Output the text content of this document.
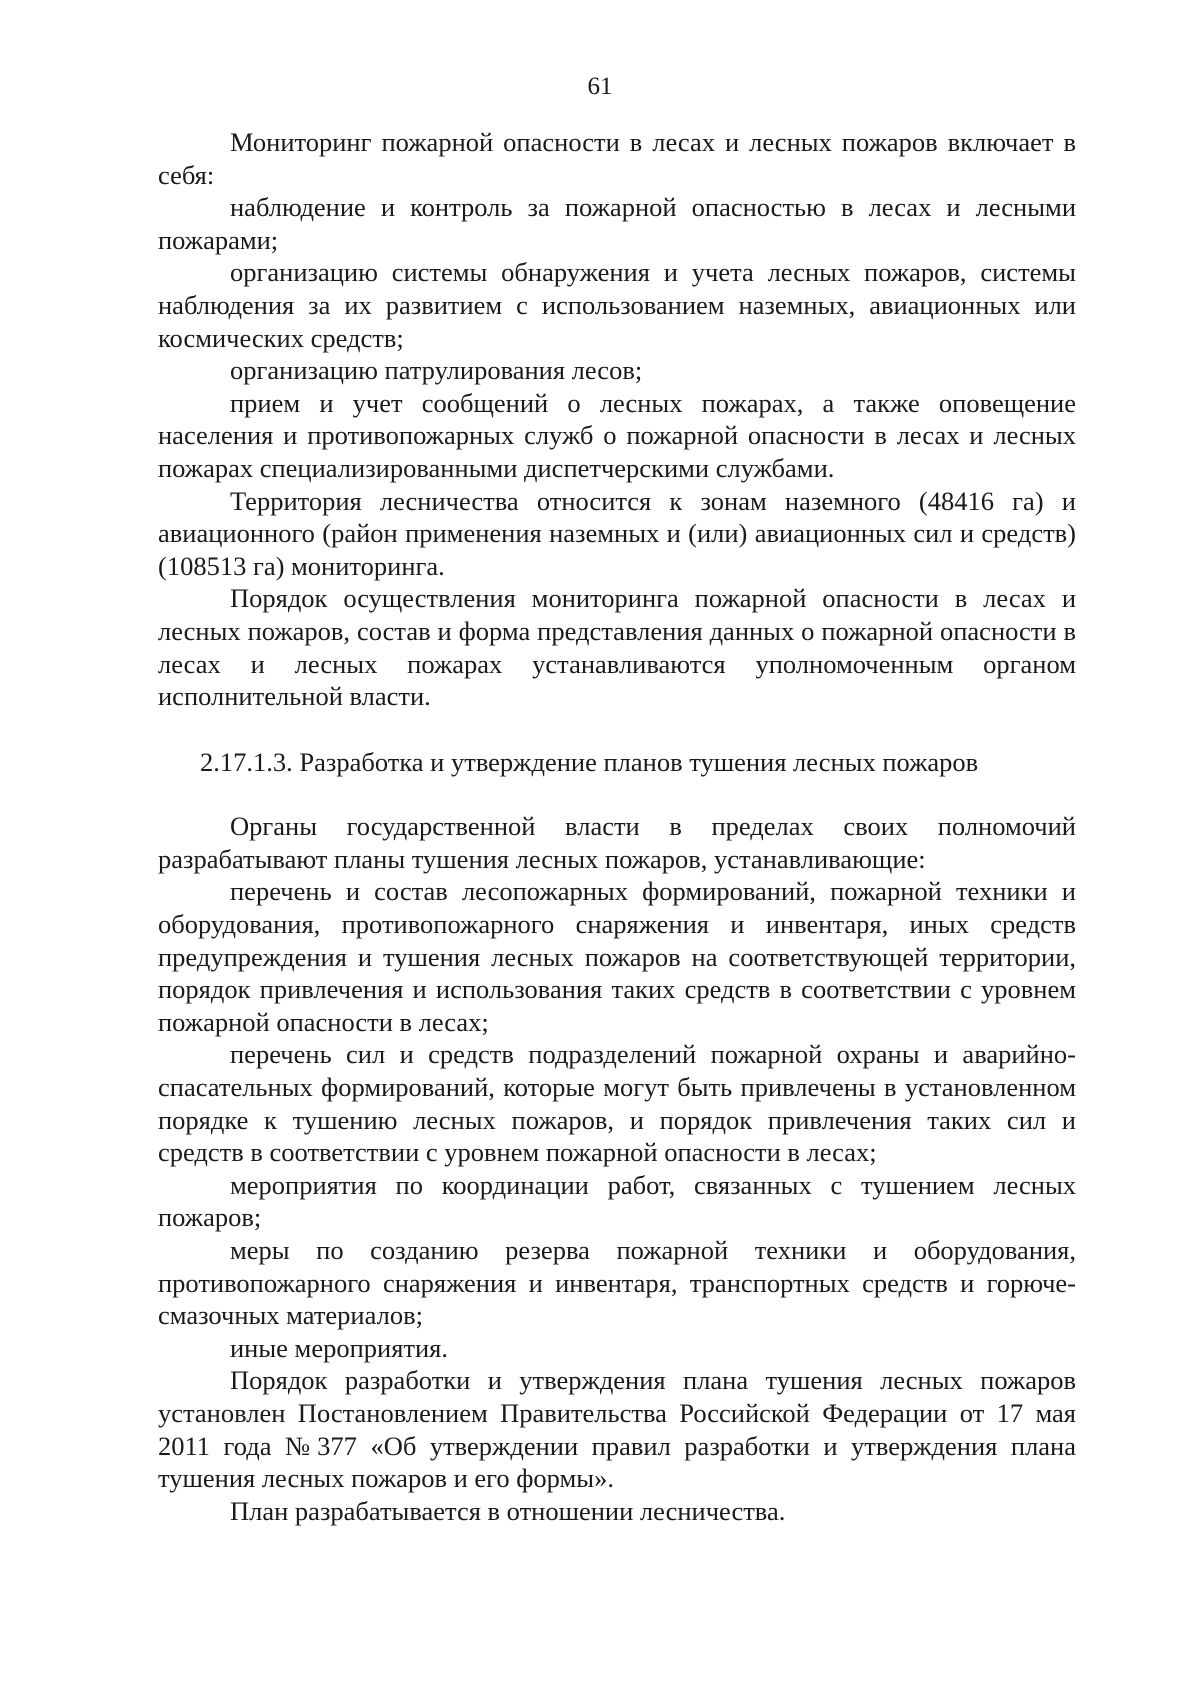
61

Мониторинг пожарной опасности в лесах и лесных пожаров включает в себя:

наблюдение и контроль за пожарной опасностью в лесах и лесными пожарами;

организацию системы обнаружения и учета лесных пожаров, системы наблюдения за их развитием с использованием наземных, авиационных или космических средств;

организацию патрулирования лесов;

прием и учет сообщений о лесных пожарах, а также оповещение населения и противопожарных служб о пожарной опасности в лесах и лесных пожарах специализированными диспетчерскими службами.

Территория лесничества относится к зонам наземного (48416 га) и авиационного (район применения наземных и (или) авиационных сил и средств) (108513 га) мониторинга.

Порядок осуществления мониторинга пожарной опасности в лесах и лесных пожаров, состав и форма представления данных о пожарной опасности в лесах и лесных пожарах устанавливаются уполномоченным органом исполнительной власти.

2.17.1.3. Разработка и утверждение планов тушения лесных пожаров

Органы государственной власти в пределах своих полномочий разрабатывают планы тушения лесных пожаров, устанавливающие:

перечень и состав лесопожарных формирований, пожарной техники и оборудования, противопожарного снаряжения и инвентаря, иных средств предупреждения и тушения лесных пожаров на соответствующей территории, порядок привлечения и использования таких средств в соответствии с уровнем пожарной опасности в лесах;

перечень сил и средств подразделений пожарной охраны и аварийно-спасательных формирований, которые могут быть привлечены в установленном порядке к тушению лесных пожаров, и порядок привлечения таких сил и средств в соответствии с уровнем пожарной опасности в лесах;

мероприятия по координации работ, связанных с тушением лесных пожаров;

меры по созданию резерва пожарной техники и оборудования, противопожарного снаряжения и инвентаря, транспортных средств и горюче-смазочных материалов;

иные мероприятия.

Порядок разработки и утверждения плана тушения лесных пожаров установлен Постановлением Правительства Российской Федерации от 17 мая 2011 года №377 «Об утверждении правил разработки и утверждения плана тушения лесных пожаров и его формы».

План разрабатывается в отношении лесничества.
